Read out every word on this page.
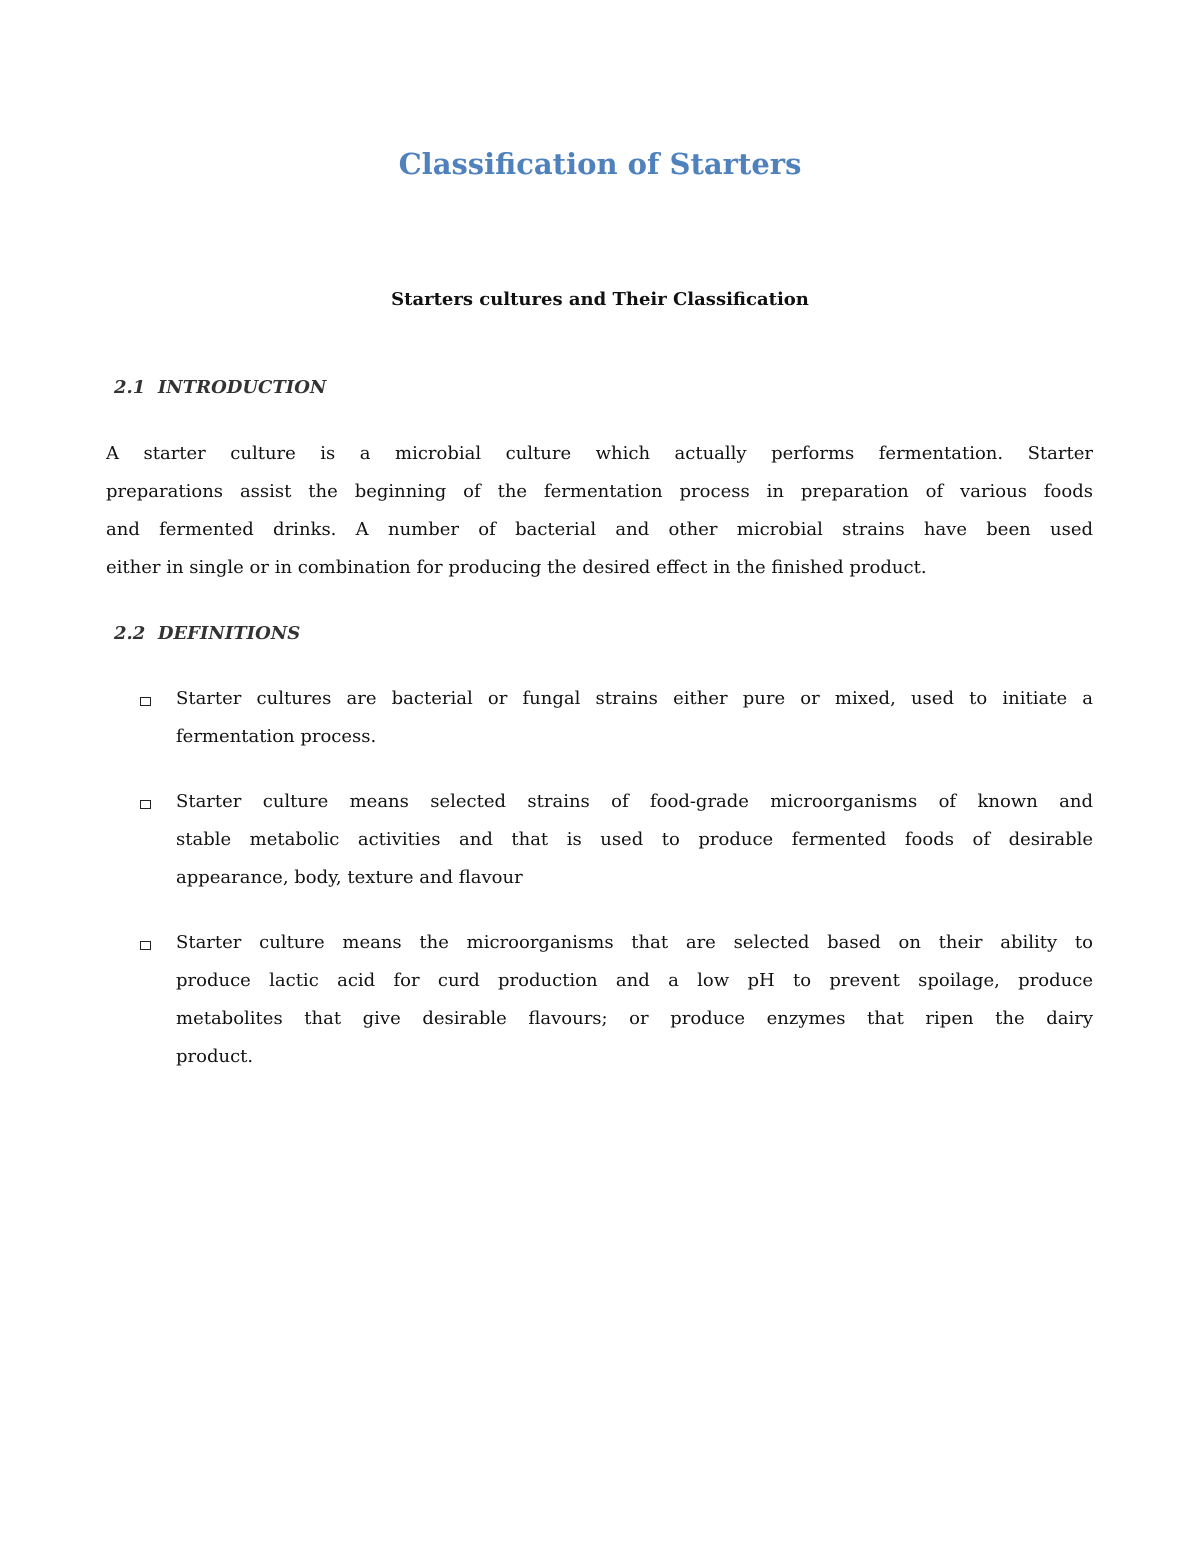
Classification of Starters
Starters cultures and Their Classification
2.1  INTRODUCTION
A starter culture is a microbial culture which actually performs fermentation. Starter
preparations assist the beginning of the fermentation process in preparation of various foods
and fermented drinks. A number of bacterial and other microbial strains have been used
either in single or in combination for producing the desired effect in the finished product.
2.2  DEFINITIONS
Starter cultures are bacterial or fungal strains either pure or mixed, used to initiate a
fermentation process.
Starter culture means selected strains of food-grade microorganisms of known and
stable metabolic activities and that is used to produce fermented foods of desirable
appearance, body, texture and flavour
Starter culture means the microorganisms that are selected based on their ability to
produce lactic acid for curd production and a low pH to prevent spoilage, produce
metabolites that give desirable flavours; or produce enzymes that ripen the dairy
product.
